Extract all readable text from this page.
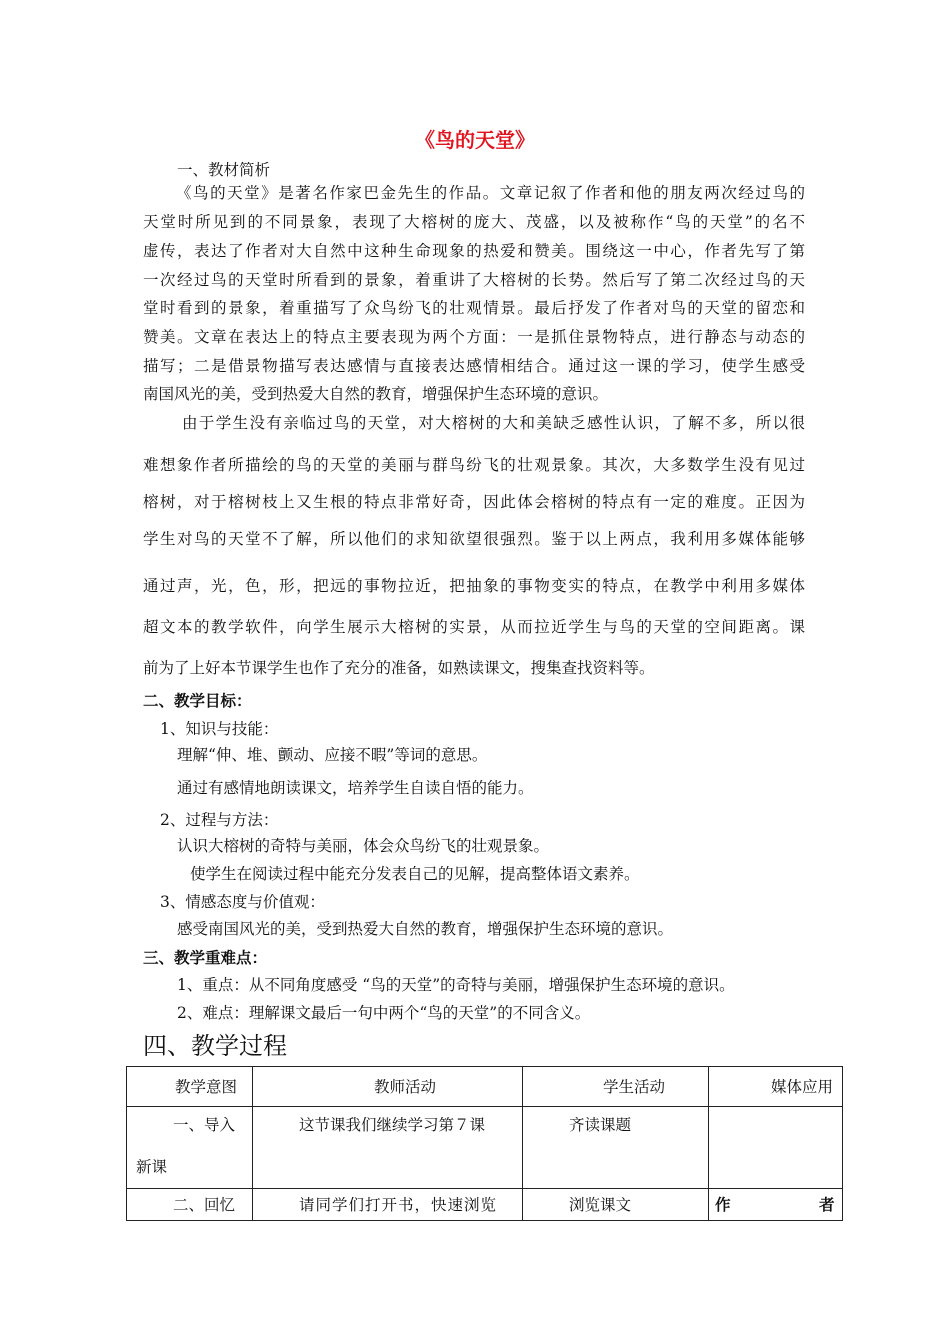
《鸟的天堂》
一、教材简析
《鸟的天堂》是著名作家巴金先生的作品。文章记叙了作者和他的朋友两次经过鸟的
天堂时所见到的不同景象，表现了大榕树的庞大、茂盛，以及被称作“鸟的天堂”的名不
虚传，表达了作者对大自然中这种生命现象的热爱和赞美。围绕这一中心，作者先写了第
一次经过鸟的天堂时所看到的景象，着重讲了大榕树的长势。然后写了第二次经过鸟的天
堂时看到的景象，着重描写了众鸟纷飞的壮观情景。最后抒发了作者对鸟的天堂的留恋和
赞美。文章在表达上的特点主要表现为两个方面：一是抓住景物特点，进行静态与动态的
描写；二是借景物描写表达感情与直接表达感情相结合。通过这一课的学习，使学生感受
南国风光的美，受到热爱大自然的教育，增强保护生态环境的意识。
由于学生没有亲临过鸟的天堂，对大榕树的大和美缺乏感性认识，了解不多，所以很
难想象作者所描绘的鸟的天堂的美丽与群鸟纷飞的壮观景象。其次，大多数学生没有见过
榕树，对于榕树枝上又生根的特点非常好奇，因此体会榕树的特点有一定的难度。正因为
学生对鸟的天堂不了解，所以他们的求知欲望很强烈。鉴于以上两点，我利用多媒体能够
通过声，光，色，形，把远的事物拉近，把抽象的事物变实的特点，在教学中利用多媒体
超文本的教学软件，向学生展示大榕树的实景，从而拉近学生与鸟的天堂的空间距离。课
前为了上好本节课学生也作了充分的准备，如熟读课文，搜集查找资料等。
二、教学目标：
1、知识与技能：
理解“伸、堆、颤动、应接不暇”等词的意思。
通过有感情地朗读课文，培养学生自读自悟的能力。
2、过程与方法：
认识大榕树的奇特与美丽，体会众鸟纷飞的壮观景象。
使学生在阅读过程中能充分发表自己的见解，提高整体语文素养。
3、情感态度与价值观：
感受南国风光的美，受到热爱大自然的教育，增强保护生态环境的意识。
三、教学重难点：
1、重点：从不同角度感受 “鸟的天堂”的奇特与美丽，增强保护生态环境的意识。
2、难点：理解课文最后一句中两个“鸟的天堂”的不同含义。
四、教学过程
教学意图	教师活动	学生活动	媒体应用

一、导入
新课	这节课我们继续学习第７课	齐读课题	

二、回忆	请同学们打开书，快速浏览	浏览课文	作 者
